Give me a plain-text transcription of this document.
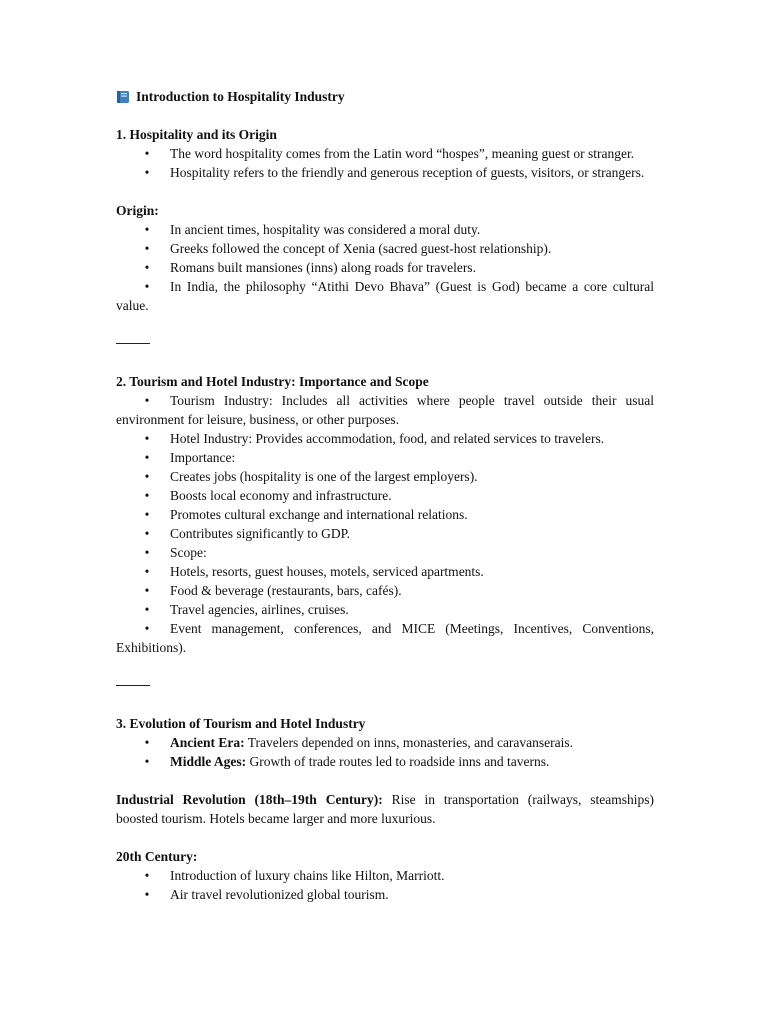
Introduction to Hospitality Industry
1. Hospitality and its Origin
• The word hospitality comes from the Latin word “hospes”, meaning guest or stranger.
• Hospitality refers to the friendly and generous reception of guests, visitors, or strangers.
Origin:
• In ancient times, hospitality was considered a moral duty.
• Greeks followed the concept of Xenia (sacred guest-host relationship).
• Romans built mansiones (inns) along roads for travelers.
• In India, the philosophy “Atithi Devo Bhava” (Guest is God) became a core cultural value.
2. Tourism and Hotel Industry: Importance and Scope
• Tourism Industry: Includes all activities where people travel outside their usual environment for leisure, business, or other purposes.
• Hotel Industry: Provides accommodation, food, and related services to travelers.
• Importance:
• Creates jobs (hospitality is one of the largest employers).
• Boosts local economy and infrastructure.
• Promotes cultural exchange and international relations.
• Contributes significantly to GDP.
• Scope:
• Hotels, resorts, guest houses, motels, serviced apartments.
• Food & beverage (restaurants, bars, cafés).
• Travel agencies, airlines, cruises.
• Event management, conferences, and MICE (Meetings, Incentives, Conventions, Exhibitions).
3. Evolution of Tourism and Hotel Industry
• Ancient Era: Travelers depended on inns, monasteries, and caravanserais.
• Middle Ages: Growth of trade routes led to roadside inns and taverns.
Industrial Revolution (18th–19th Century): Rise in transportation (railways, steamships) boosted tourism. Hotels became larger and more luxurious.
20th Century:
• Introduction of luxury chains like Hilton, Marriott.
• Air travel revolutionized global tourism.
